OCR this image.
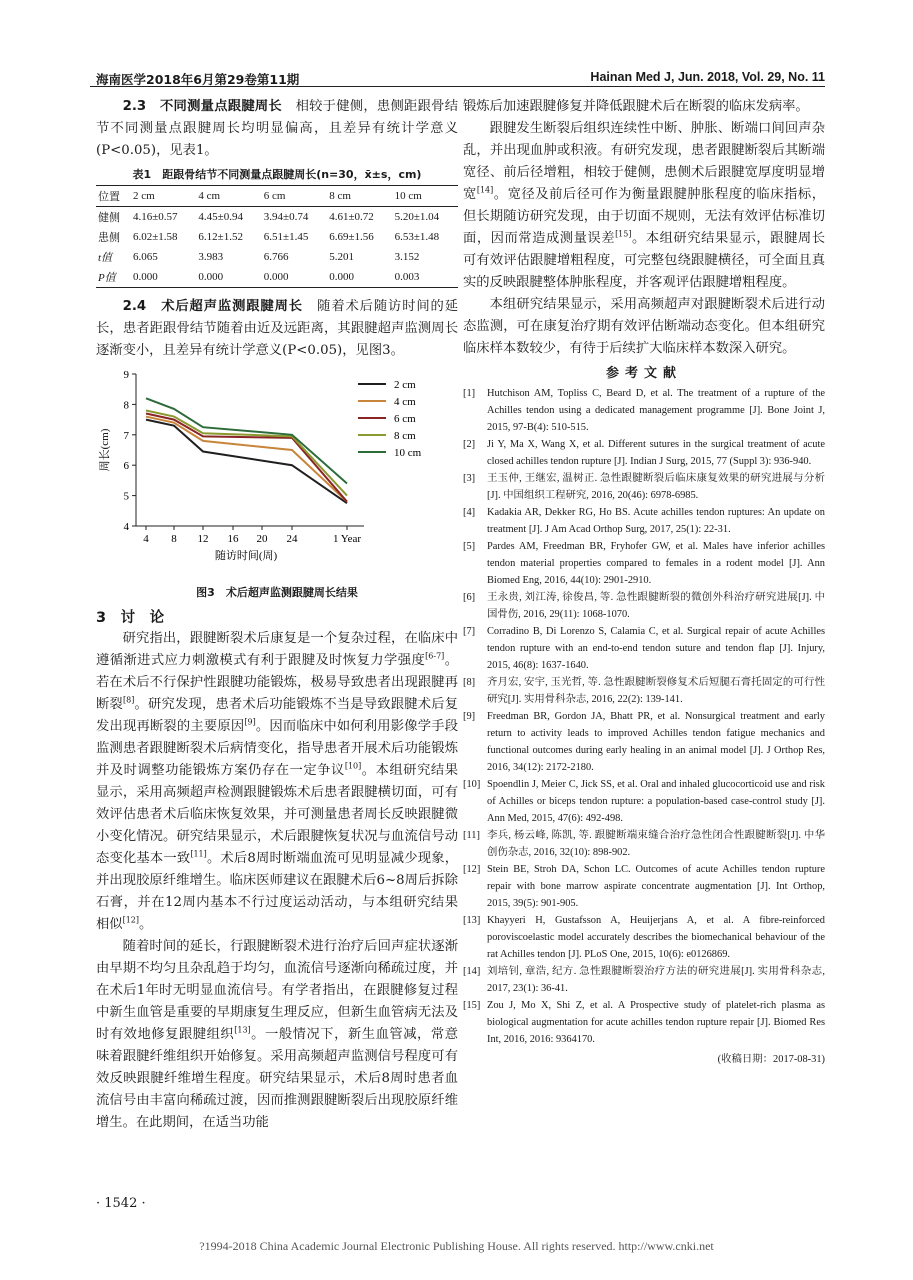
海南医学2018年6月第29卷第11期	Hainan Med J, Jun. 2018, Vol. 29, No. 11

2.3　不同测量点跟腱周长　 相较于健侧，患侧距跟骨结节不同测量点跟腱周长均明显偏高，且差异有统计学意义(P<0.05)，见表1。

表1　距跟骨结节不同测量点跟腱周长(n=30，x̄±s，cm)
位置	2 cm	4 cm	6 cm	8 cm	10 cm
健侧	4.16±0.57	4.45±0.94	3.94±0.74	4.61±0.72	5.20±1.04
患侧	6.02±1.58	6.12±1.52	6.51±1.45	6.69±1.56	6.53±1.48
t值	6.065	3.983	6.766	5.201	3.152
P值	0.000	0.000	0.000	0.000	0.003

2.4　术后超声监测跟腱周长　 随着术后随访时间的延长，患者距跟骨结节随着由近及远距离，其跟腱超声监测周长逐渐变小，且差异有统计学意义(P<0.05)，见图3。

4
5
6
7
8
9
4 8 12 16 20 24	1 Year
周长(cm)
随访时间(周)
2 cm
4 cm
6 cm
8 cm
10 cm
图3　术后超声监测跟腱周长结果
3　讨　论

研究指出，跟腱断裂术后康复是一个复杂过程，在临床中遵循渐进式应力刺激模式有利于跟腱及时恢复力学强度[6-7]。若在术后不行保护性跟腱功能锻炼，极易导致患者出现跟腱再断裂[8]。研究发现，患者术后功能锻炼不当是导致跟腱术后复发出现再断裂的主要原因[9]。因而临床中如何利用影像学手段监测患者跟腱断裂术后病情变化，指导患者开展术后功能锻炼并及时调整功能锻炼方案仍存在一定争议[10]。本组研究结果显示，采用高频超声检测跟腱锻炼术后患者跟腱横切面，可有效评估患者术后临床恢复效果，并可测量患者周长反映跟腱微小变化情况。研究结果显示，术后跟腱恢复状况与血流信号动态变化基本一致[11]。术后8周时断端血流可见明显减少现象，并出现胶原纤维增生。临床医师建议在跟腱术后6~8周后拆除石膏，并在12周内基本不行过度运动活动，与本组研究结果相似[12]。

随着时间的延长，行跟腱断裂术进行治疗后回声症状逐渐由早期不均匀且杂乱趋于均匀，血流信号逐渐向稀疏过度，并在术后1年时无明显血流信号。有学者指出，在跟腱修复过程中新生血管是重要的早期康复生理反应，但新生血管病无法及时有效地修复跟腱组织[13]。一般情况下，新生血管减，常意味着跟腱纤维组织开始修复。采用高频超声监测信号程度可有效反映跟腱纤维增生程度。研究结果显示，术后8周时患者血流信号由丰富向稀疏过渡，因而推测跟腱断裂后出现胶原纤维增生。在此期间，在适当功能

锻炼后加速跟腱修复并降低跟腱术后在断裂的临床发病率。

跟腱发生断裂后组织连续性中断、肿胀、断端口间回声杂乱，并出现血肿或积液。有研究发现，患者跟腱断裂后其断端宽径、前后径增粗，相较于健侧，患侧术后跟腱宽厚度明显增宽[14]。宽径及前后径可作为衡量跟腱肿胀程度的临床指标，但长期随访研究发现，由于切面不规则，无法有效评估标准切面，因而常造成测量误差[15]。本组研究结果显示，跟腱周长可有效评估跟腱增粗程度，可完整包绕跟腱横径，可全面且真实的反映跟腱整体肿胀程度，并客观评估跟腱增粗程度。

本组研究结果显示，采用高频超声对跟腱断裂术后进行动态监测，可在康复治疗期有效评估断端动态变化。但本组研究临床样本数较少，有待于后续扩大临床样本数深入研究。

参考文献
[1]	Hutchison AM, Topliss C, Beard D, et al. The treatment of a rupture of the Achilles tendon using a dedicated management programme [J]. Bone Joint J, 2015, 97-B(4): 510-515.
[2]	Ji Y, Ma X, Wang X, et al. Different sutures in the surgical treatment of acute closed achilles tendon rupture [J]. Indian J Surg, 2015, 77 (Suppl 3): 936-940.
[3]	王玉仲, 王继宏, 温树正. 急性跟腱断裂后临床康复效果的研究进展与分析[J]. 中国组织工程研究, 2016, 20(46): 6978-6985.
[4]	Kadakia AR, Dekker RG, Ho BS. Acute achilles tendon ruptures: An update on treatment [J]. J Am Acad Orthop Surg, 2017, 25(1): 22-31.
[5]	Pardes AM, Freedman BR, Fryhofer GW, et al. Males have inferior achilles tendon material properties compared to females in a rodent model [J]. Ann Biomed Eng, 2016, 44(10): 2901-2910.
[6]	王永贵, 刘江涛, 徐俊昌, 等. 急性跟腱断裂的微创外科治疗研究进展[J]. 中国骨伤, 2016, 29(11): 1068-1070.
[7]	Corradino B, Di Lorenzo S, Calamia C, et al. Surgical repair of acute Achilles tendon rupture with an end-to-end tendon suture and tendon flap [J]. Injury, 2015, 46(8): 1637-1640.
[8]	齐月宏, 安宇, 玉光哲, 等. 急性跟腱断裂修复术后短腿石膏托固定的可行性研究[J]. 实用骨科杂志, 2016, 22(2): 139-141.
[9]	Freedman BR, Gordon JA, Bhatt PR, et al. Nonsurgical treatment and early return to activity leads to improved Achilles tendon fatigue mechanics and functional outcomes during early healing in an animal model [J]. J Orthop Res, 2016, 34(12): 2172-2180.
[10] Spoendlin J, Meier C, Jick SS, et al. Oral and inhaled glucocorticoid use and risk of Achilles or biceps tendon rupture: a population-based case-control study [J]. Ann Med, 2015, 47(6): 492-498.
[11] 李兵, 杨云峰, 陈凯, 等. 跟腱断端束缝合治疗急性闭合性跟腱断裂[J]. 中华创伤杂志, 2016, 32(10): 898-902.
[12] Stein BE, Stroh DA, Schon LC. Outcomes of acute Achilles tendon rupture repair with bone marrow aspirate concentrate augmentation [J]. Int Orthop, 2015, 39(5): 901-905.
[13] Khayyeri H, Gustafsson A, Heuijerjans A, et al. A fibre-reinforced poroviscoelastic model accurately describes the biomechanical behaviour of the rat Achilles tendon [J]. PLoS One, 2015, 10(6): e0126869.
[14] 刘培钊, 章浩, 纪方. 急性跟腱断裂治疗方法的研究进展[J]. 实用骨科杂志, 2017, 23(1): 36-41.
[15] Zou J, Mo X, Shi Z, et al. A Prospective study of platelet-rich plasma as biological augmentation for acute achilles tendon rupture repair [J]. Biomed Res Int, 2016, 2016: 9364170.
(收稿日期：2017-08-31)
· 1542 ·
?1994-2018 China Academic Journal Electronic Publishing House. All rights reserved. http://www.cnki.net
